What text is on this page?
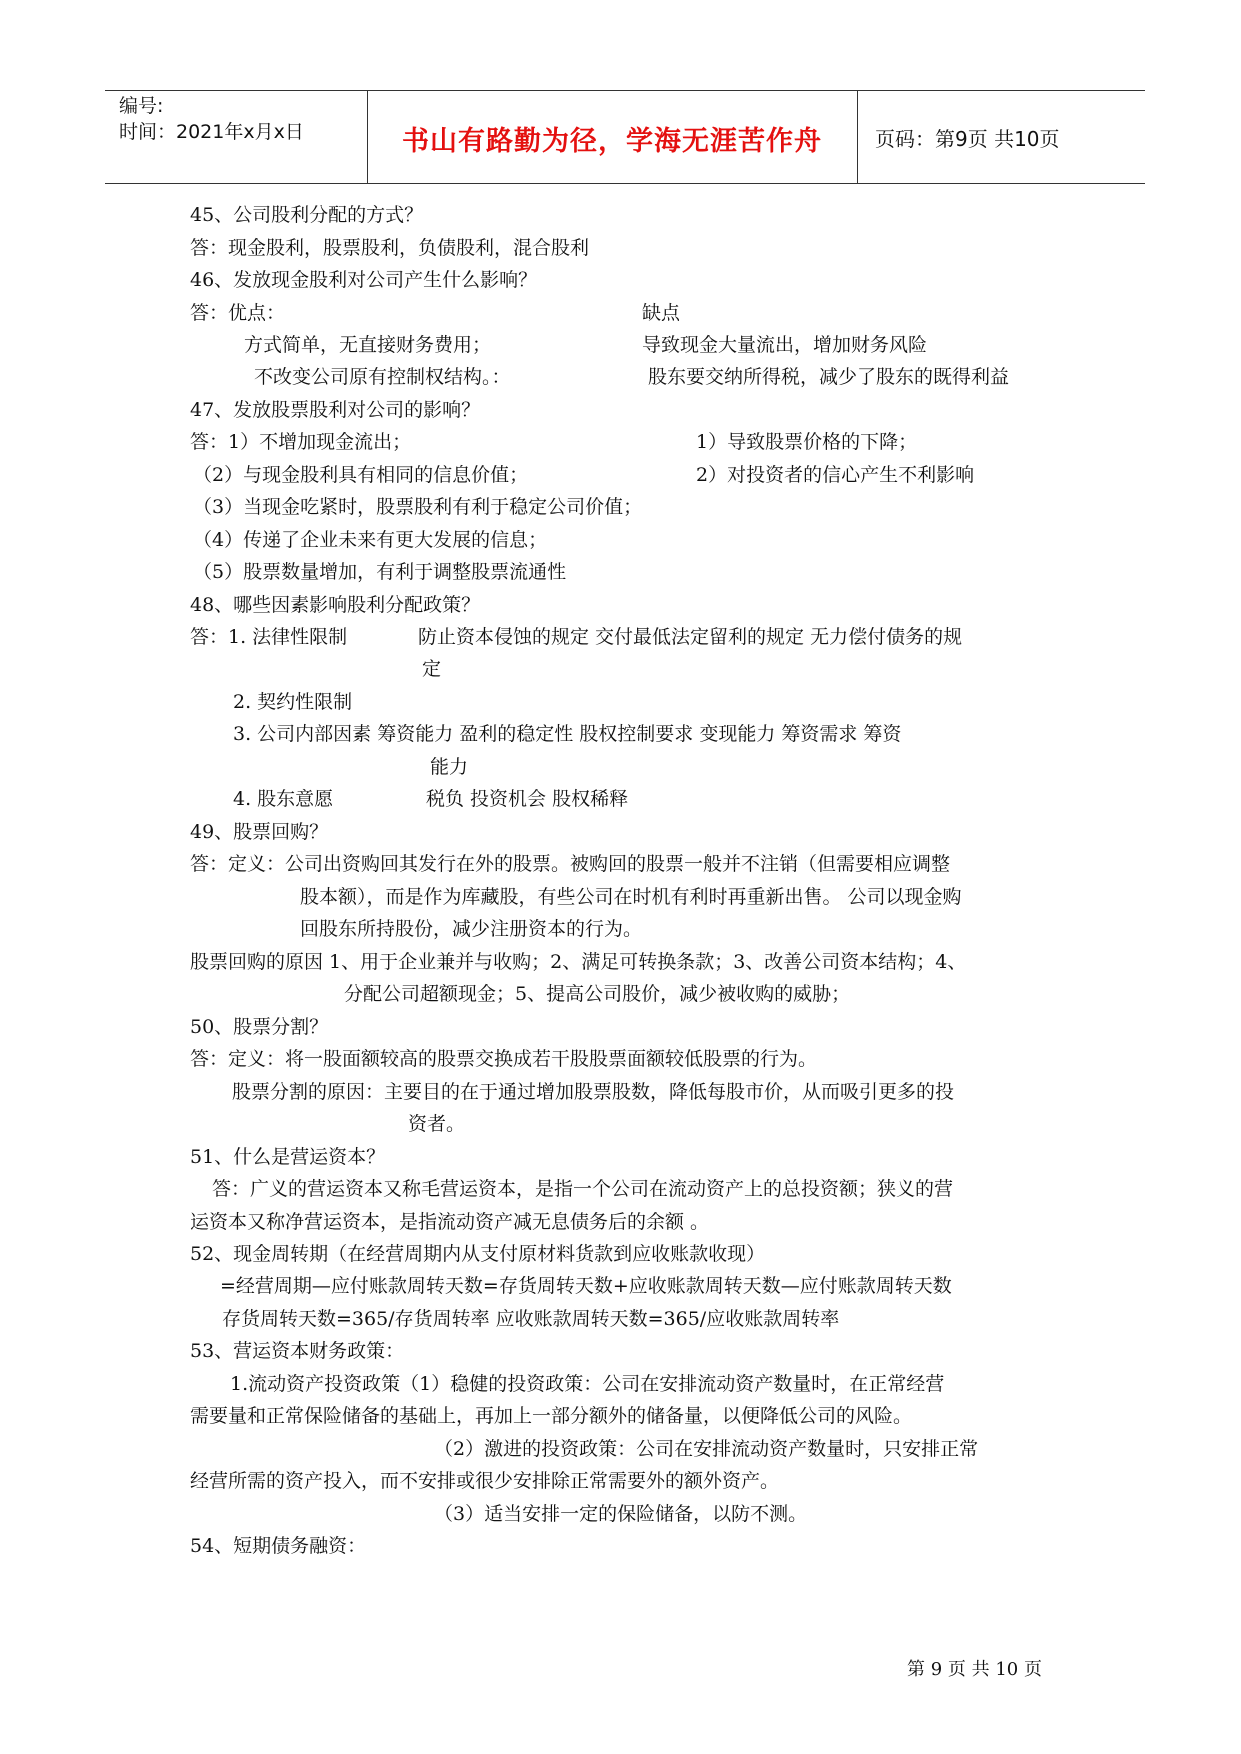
编号:
时间：2021年x月x日	书山有路勤为径，学海无涯苦作舟	页码：第9页 共10页
45、公司股利分配的方式？
答：现金股利，股票股利，负债股利，混合股利
46、发放现金股利对公司产生什么影响？
答：优点：	缺点
方式简单，无直接财务费用；	导致现金大量流出，增加财务风险
不改变公司原有控制权结构。：	股东要交纳所得税，减少了股东的既得利益
47、发放股票股利对公司的影响？
答：1）不增加现金流出；	1）导致股票价格的下降；
（2）与现金股利具有相同的信息价值；	2）对投资者的信心产生不利影响
（3）当现金吃紧时，股票股利有利于稳定公司价值；
（4）传递了企业未来有更大发展的信息；
（5）股票数量增加，有利于调整股票流通性
48、哪些因素影响股利分配政策？
答：1. 法律性限制	防止资本侵蚀的规定 交付最低法定留利的规定 无力偿付债务的规
定
2. 契约性限制
3. 公司内部因素 筹资能力 盈利的稳定性 股权控制要求 变现能力 筹资需求 筹资
能力
4. 股东意愿	税负 投资机会 股权稀释
49、股票回购？
答：定义：公司出资购回其发行在外的股票。被购回的股票一般并不注销（但需要相应调整
股本额），而是作为库藏股，有些公司在时机有利时再重新出售。 公司以现金购
回股东所持股份，减少注册资本的行为。
股票回购的原因 1、用于企业兼并与收购；2、满足可转换条款；3、改善公司资本结构；4、
分配公司超额现金；5、提高公司股价，减少被收购的威胁；
50、股票分割？
答：定义：将一股面额较高的股票交换成若干股股票面额较低股票的行为。
股票分割的原因：主要目的在于通过增加股票股数，降低每股市价，从而吸引更多的投
资者。
51、什么是营运资本？
答：广义的营运资本又称毛营运资本，是指一个公司在流动资产上的总投资额；狭义的营
运资本又称净营运资本，是指流动资产减无息债务后的余额 。
52、现金周转期（在经营周期内从支付原材料货款到应收账款收现）
=经营周期—应付账款周转天数=存货周转天数+应收账款周转天数—应付账款周转天数
存货周转天数=365/存货周转率 应收账款周转天数=365/应收账款周转率
53、营运资本财务政策：
1.流动资产投资政策（1）稳健的投资政策：公司在安排流动资产数量时，在正常经营
需要量和正常保险储备的基础上，再加上一部分额外的储备量，以便降低公司的风险。
（2）激进的投资政策：公司在安排流动资产数量时，只安排正常
经营所需的资产投入，而不安排或很少安排除正常需要外的额外资产。
（3）适当安排一定的保险储备，以防不测。
54、短期债务融资：
第 9 页 共 10 页
